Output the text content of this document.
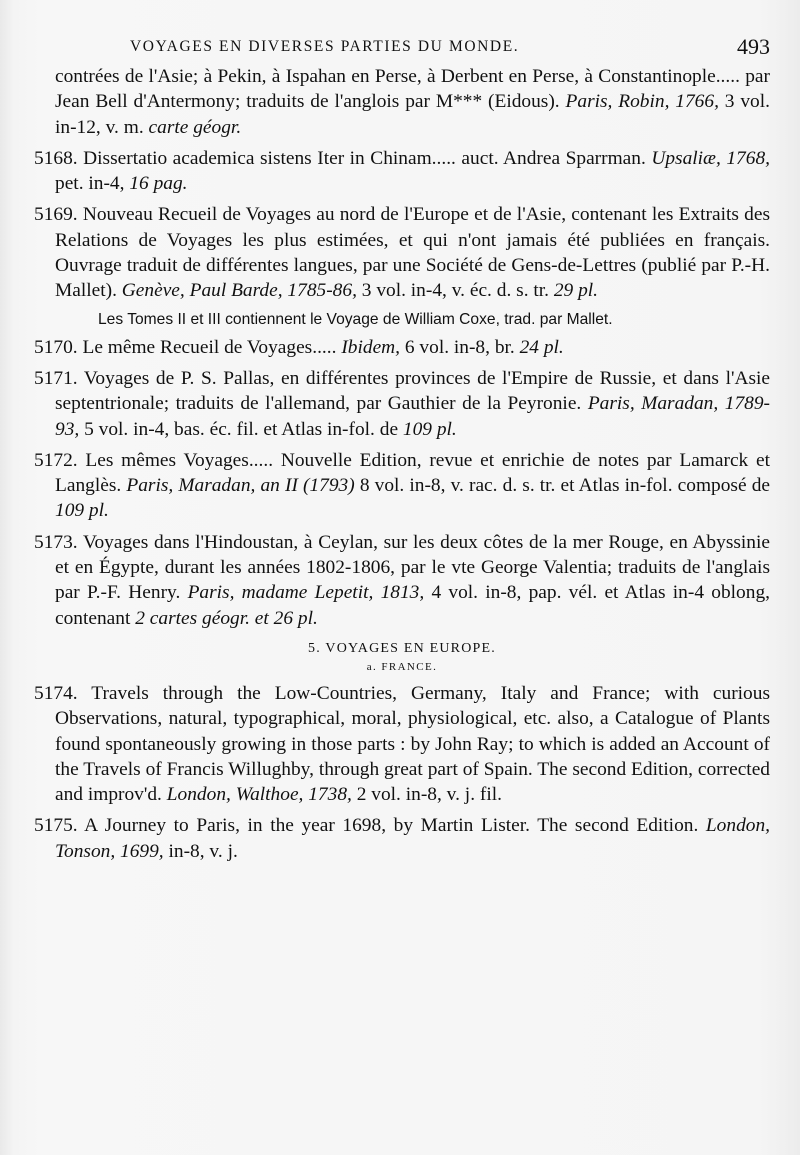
VOYAGES EN DIVERSES PARTIES DU MONDE.	493

contrées de l'Asie; à Pekin, à Ispahan en Perse, à Derbent en Perse, à Constantinople..... par Jean Bell d'Antermony; traduits de l'anglois par M*** (Eidous). Paris, Robin, 1766, 3 vol. in-12, v. m. carte géogr.

5168. Dissertatio academica sistens Iter in Chinam..... auct. Andrea Sparrman. Upsaliæ, 1768, pet. in-4, 16 pag.

5169. Nouveau Recueil de Voyages au nord de l'Europe et de l'Asie, contenant les Extraits des Relations de Voyages les plus estimées, et qui n'ont jamais été publiées en français. Ouvrage traduit de différentes langues, par une Société de Gens-de-Lettres (publié par P.-H. Mallet). Genève, Paul Barde, 1785-86, 3 vol. in-4, v. éc. d. s. tr. 29 pl.

Les Tomes II et III contiennent le Voyage de William Coxe, trad. par Mallet.

5170. Le même Recueil de Voyages..... Ibidem, 6 vol. in-8, br. 24 pl.

5171. Voyages de P. S. Pallas, en différentes provinces de l'Empire de Russie, et dans l'Asie septentrionale; traduits de l'allemand, par Gauthier de la Peyronie. Paris, Maradan, 1789-93, 5 vol. in-4, bas. éc. fil. et Atlas in-fol. de 109 pl.

5172. Les mêmes Voyages..... Nouvelle Edition, revue et enrichie de notes par Lamarck et Langlès. Paris, Maradan, an II (1793) 8 vol. in-8, v. rac. d. s. tr. et Atlas in-fol. composé de 109 pl.

5173. Voyages dans l'Hindoustan, à Ceylan, sur les deux côtes de la mer Rouge, en Abyssinie et en Égypte, durant les années 1802-1806, par le vte George Valentia; traduits de l'anglais par P.-F. Henry. Paris, madame Lepetit, 1813, 4 vol. in-8, pap. vél. et Atlas in-4 oblong, contenant 2 cartes géogr. et 26 pl.

5. VOYAGES EN EUROPE.
a. FRANCE.

5174. Travels through the Low-Countries, Germany, Italy and France; with curious Observations, natural, typographical, moral, physiological, etc. also, a Catalogue of Plants found spontaneously growing in those parts : by John Ray; to which is added an Account of the Travels of Francis Willughby, through great part of Spain. The second Edition, corrected and improv'd. London, Walthoe, 1738, 2 vol. in-8, v. j. fil.

5175. A Journey to Paris, in the year 1698, by Martin Lister. The second Edition. London, Tonson, 1699, in-8, v. j.
